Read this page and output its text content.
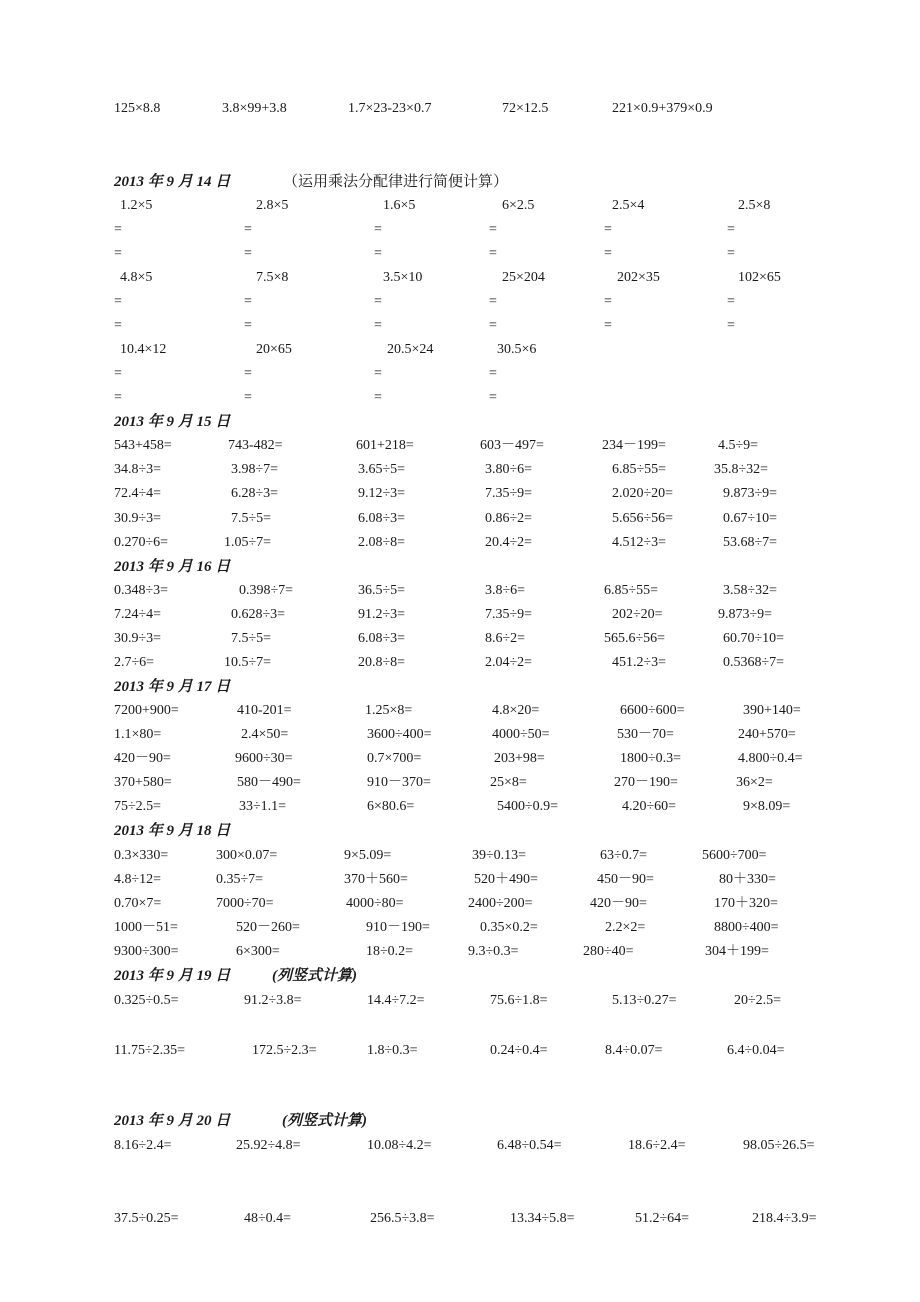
125×8.8	3.8×99+3.8	1.7×23-23×0.7	72×12.5	221×0.9+379×0.9
2013 年 9 月 14 日	（运用乘法分配律进行简便计算）
1.2×5	2.8×5	1.6×5	6×2.5	2.5×4	2.5×8
=	=	=	=	=	=
=	=	=	=	=	=
4.8×5	7.5×8	3.5×10	25×204	202×35	102×65
=	=	=	=	=	=
=	=	=	=	=	=
10.4×12	20×65	20.5×24	30.5×6
=	=	=	=
=	=	=	=
2013 年 9 月 15 日
543+458=	743-482=	601+218=	603－497=	234－199=	4.5÷9=
34.8÷3=	3.98÷7=	3.65÷5=	3.80÷6=	6.85÷55=	35.8÷32=
72.4÷4=	6.28÷3=	9.12÷3=	7.35÷9=	2.020÷20=	9.873÷9=
30.9÷3=	7.5÷5=	6.08÷3=	0.86÷2=	5.656÷56=	0.67÷10=
0.270÷6=	1.05÷7=	2.08÷8=	20.4÷2=	4.512÷3=	53.68÷7=
2013 年 9 月 16 日
0.348÷3=	0.398÷7=	36.5÷5=	3.8÷6=	6.85÷55=	3.58÷32=
7.24÷4=	0.628÷3=	91.2÷3=	7.35÷9=	202÷20=	9.873÷9=
30.9÷3=	7.5÷5=	6.08÷3=	8.6÷2=	565.6÷56=	60.70÷10=
2.7÷6=	10.5÷7=	20.8÷8=	2.04÷2=	451.2÷3=	0.5368÷7=
2013 年 9 月 17 日
7200+900=	410-201=	1.25×8=	4.8×20=	6600÷600=	390+140=
1.1×80=	2.4×50=	3600÷400=	4000÷50=	530－70=	240+570=
420－90=	9600÷30=	0.7×700=	203+98=	1800÷0.3=	4.800÷0.4=
370+580=	580－490=	910－370=	25×8=	270－190=	36×2=
75÷2.5=	33÷1.1=	6×80.6=	5400÷0.9=	4.20÷60=	9×8.09=
2013 年 9 月 18 日
0.3×330=	300×0.07=	9×5.09=	39÷0.13=	63÷0.7=	5600÷700=
4.8÷12=	0.35÷7=	370＋560=	520＋490=	450－90=	80＋330=
0.70×7=	7000÷70=	4000÷80=	2400÷200=	420－90=	170＋320=
1000－51=	520－260=	910－190=	0.35×0.2=	2.2×2=	8800÷400=
9300÷300=	6×300=	18÷0.2=	9.3÷0.3=	280÷40=	304＋199=
2013 年 9 月 19 日	(列竖式计算)
0.325÷0.5=	91.2÷3.8=	14.4÷7.2=	75.6÷1.8=	5.13÷0.27=	20÷2.5=
11.75÷2.35=	172.5÷2.3=	1.8÷0.3=	0.24÷0.4=	8.4÷0.07=	6.4÷0.04=
2013 年 9 月 20 日	(列竖式计算)
8.16÷2.4=	25.92÷4.8=	10.08÷4.2=	6.48÷0.54=	18.6÷2.4=	98.05÷26.5=
37.5÷0.25=	48÷0.4=	256.5÷3.8=	13.34÷5.8=	51.2÷64=	218.4÷3.9=
